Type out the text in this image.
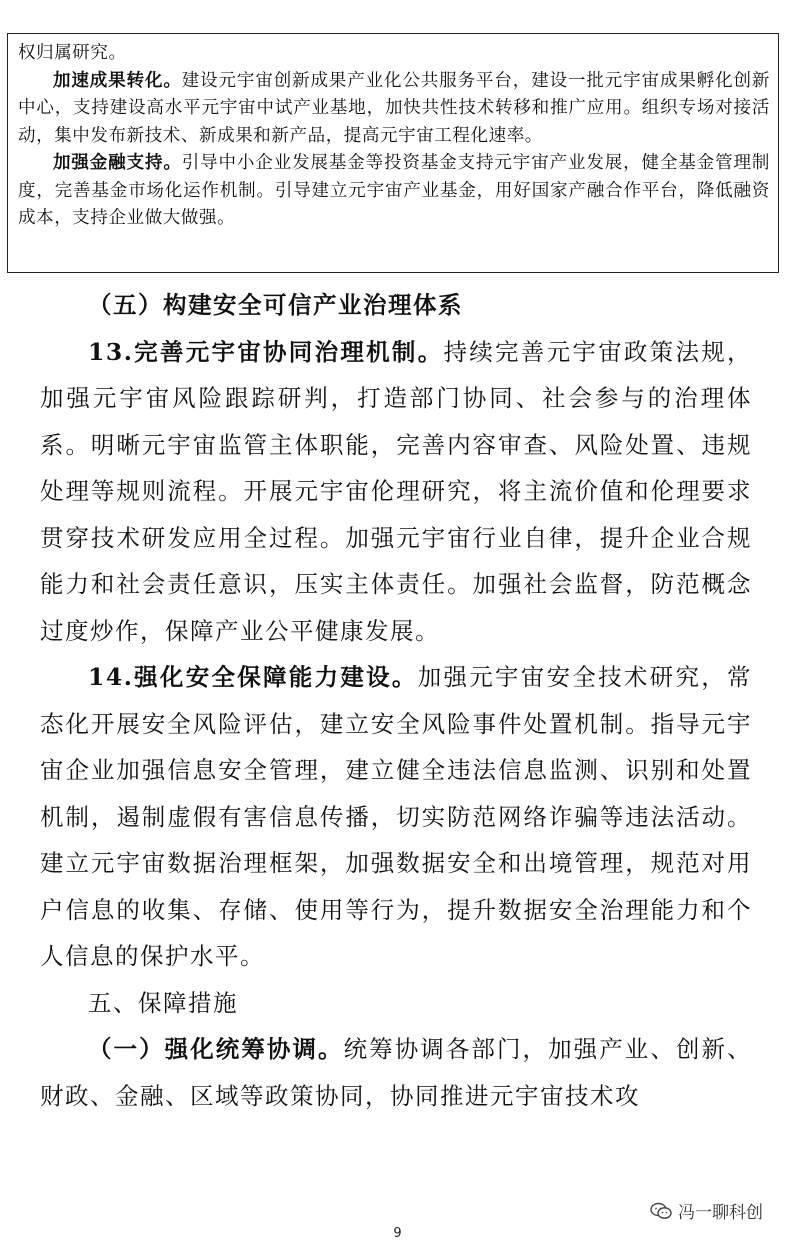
权归属研究。

加速成果转化。建设元宇宙创新成果产业化公共服务平台，建设一批元宇宙成果孵化创新中心，支持建设高水平元宇宙中试产业基地，加快共性技术转移和推广应用。组织专场对接活动，集中发布新技术、新成果和新产品，提高元宇宙工程化速率。

加强金融支持。引导中小企业发展基金等投资基金支持元宇宙产业发展，健全基金管理制度，完善基金市场化运作机制。引导建立元宇宙产业基金，用好国家产融合作平台，降低融资成本，支持企业做大做强。

（五）构建安全可信产业治理体系

13.完善元宇宙协同治理机制。持续完善元宇宙政策法规，加强元宇宙风险跟踪研判，打造部门协同、社会参与的治理体系。明晰元宇宙监管主体职能，完善内容审查、风险处置、违规处理等规则流程。开展元宇宙伦理研究，将主流价值和伦理要求贯穿技术研发应用全过程。加强元宇宙行业自律，提升企业合规能力和社会责任意识，压实主体责任。加强社会监督，防范概念过度炒作，保障产业公平健康发展。

14.强化安全保障能力建设。加强元宇宙安全技术研究，常态化开展安全风险评估，建立安全风险事件处置机制。指导元宇宙企业加强信息安全管理，建立健全违法信息监测、识别和处置机制，遏制虚假有害信息传播，切实防范网络诈骗等违法活动。建立元宇宙数据治理框架，加强数据安全和出境管理，规范对用户信息的收集、存储、使用等行为，提升数据安全治理能力和个人信息的保护水平。

五、保障措施

（一）强化统筹协调。统筹协调各部门，加强产业、创新、财政、金融、区域等政策协同，协同推进元宇宙技术攻

冯一聊科创
9
